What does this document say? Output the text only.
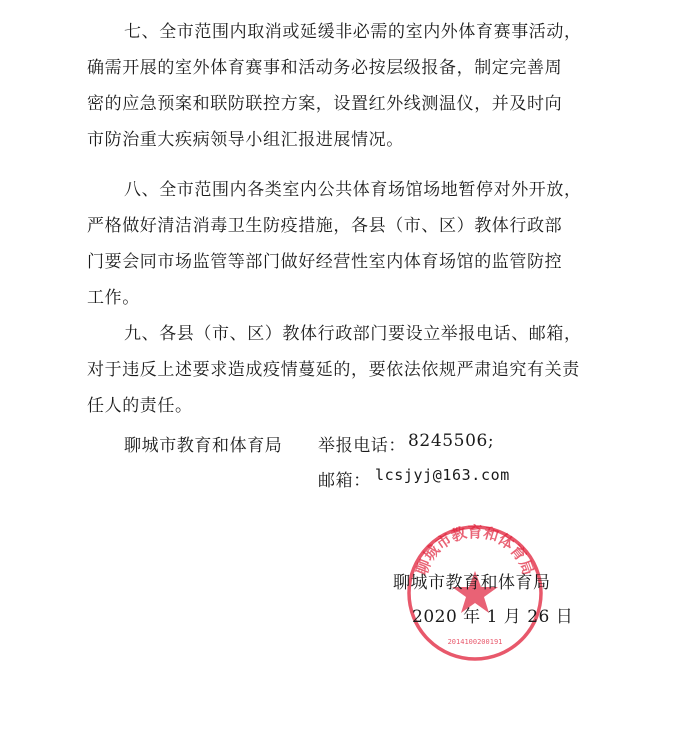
七、全市范围内取消或延缓非必需的室内外体育赛事活动，

确需开展的室外体育赛事和活动务必按层级报备，制定完善周

密的应急预案和联防联控方案，设置红外线测温仪，并及时向

市防治重大疾病领导小组汇报进展情况。

八、全市范围内各类室内公共体育场馆场地暂停对外开放，

严格做好清洁消毒卫生防疫措施，各县（市、区）教体行政部

门要会同市场监管等部门做好经营性室内体育场馆的监管防控

工作。

九、各县（市、区）教体行政部门要设立举报电话、邮箱，

对于违反上述要求造成疫情蔓延的，要依法依规严肃追究有关责

任人的责任。

聊城市教育和体育局 举报电话： 8245506;
邮箱： lcsjyj@163.com
聊城市教育和体育局
2014100200191
聊城市教育和体育局
2020 年 1 月 26 日
